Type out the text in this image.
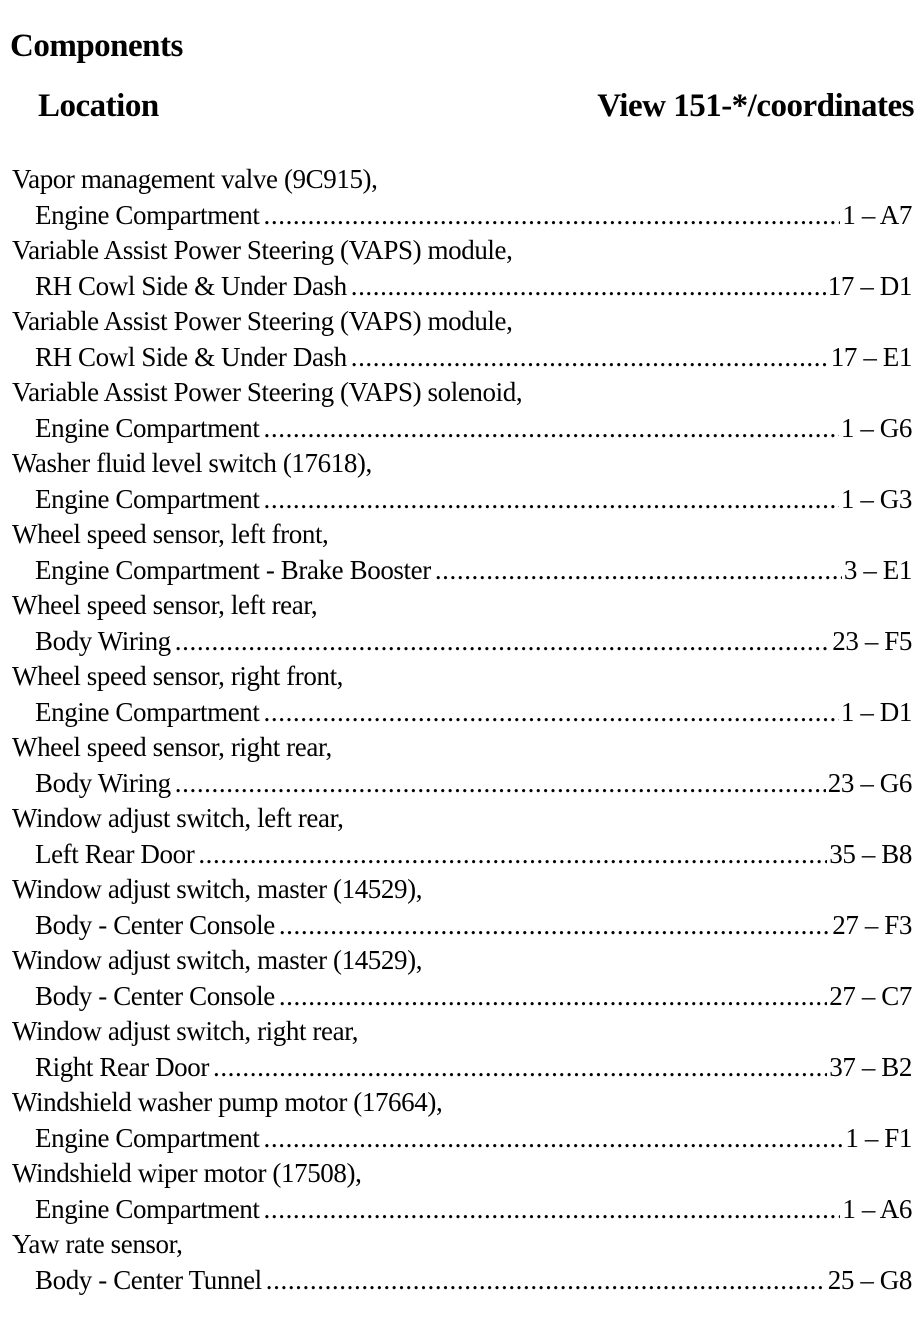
Components
Location	View 151-*/coordinates
Vapor management valve (9C915),
Engine Compartment .....	1 – A7
Variable Assist Power Steering (VAPS) module,
RH Cowl Side & Under Dash .....	17 – D1
Variable Assist Power Steering (VAPS) module,
RH Cowl Side & Under Dash .....	17 – E1
Variable Assist Power Steering (VAPS) solenoid,
Engine Compartment .....	1 – G6
Washer fluid level switch (17618),
Engine Compartment .....	1 – G3
Wheel speed sensor, left front,
Engine Compartment - Brake Booster .....	3 – E1
Wheel speed sensor, left rear,
Body Wiring .....	23 – F5
Wheel speed sensor, right front,
Engine Compartment .....	1 – D1
Wheel speed sensor, right rear,
Body Wiring .....	23 – G6
Window adjust switch, left rear,
Left Rear Door .....	35 – B8
Window adjust switch, master (14529),
Body - Center Console .....	27 – F3
Window adjust switch, master (14529),
Body - Center Console .....	27 – C7
Window adjust switch, right rear,
Right Rear Door .....	37 – B2
Windshield washer pump motor (17664),
Engine Compartment .....	1 – F1
Windshield wiper motor (17508),
Engine Compartment .....	1 – A6
Yaw rate sensor,
Body - Center Tunnel .....	25 – G8
